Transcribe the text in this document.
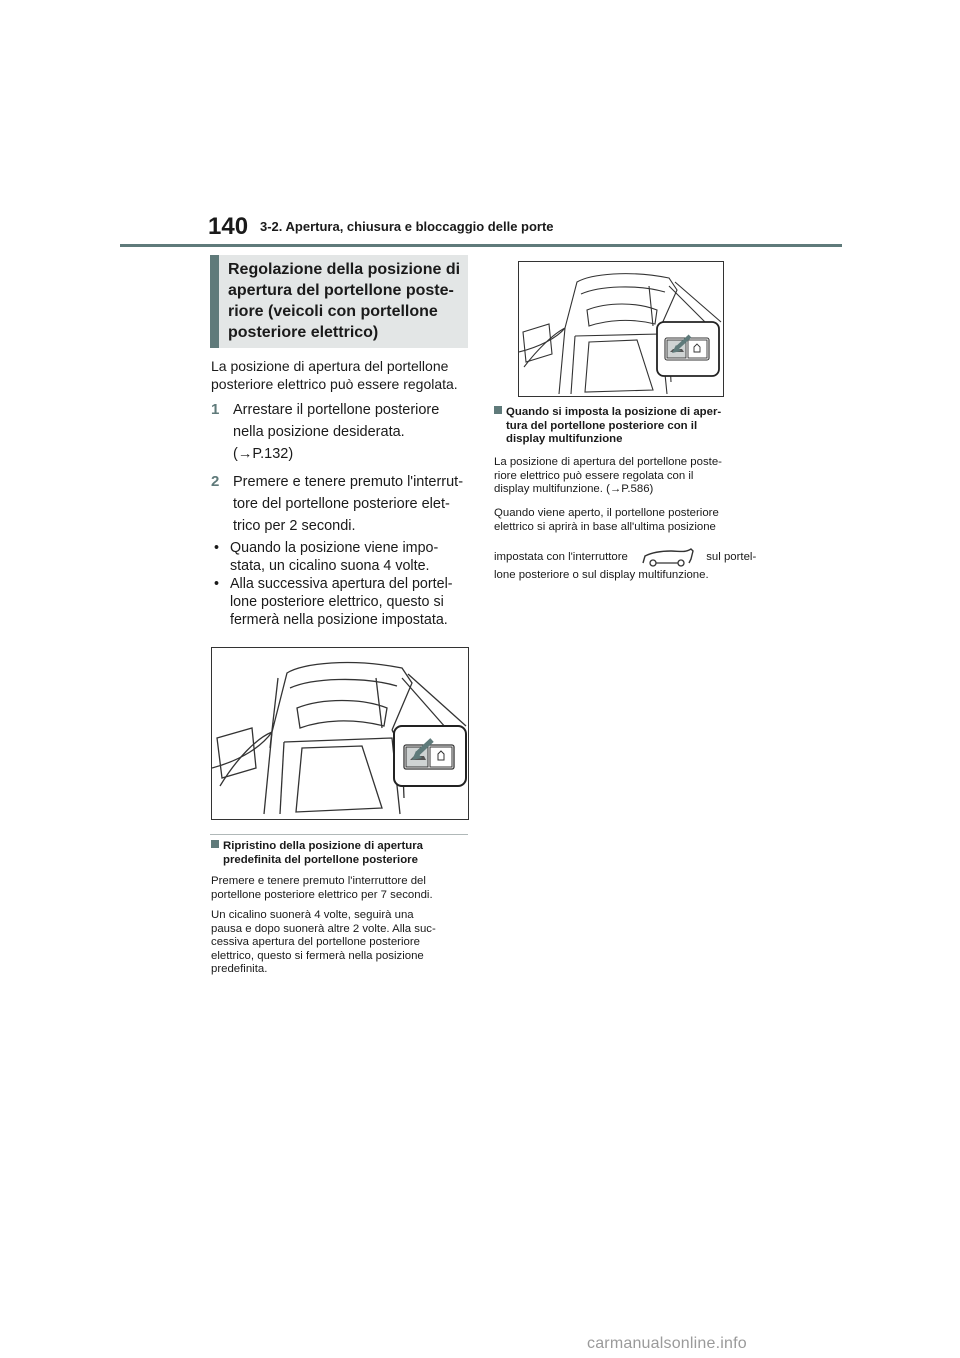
140 3-2. Apertura, chiusura e bloccaggio delle porte
Regolazione della posizione di
apertura del portellone poste-
riore (veicoli con portellone
posteriore elettrico)
La posizione di apertura del portellone
posteriore elettrico può essere regolata.
1 Arrestare il portellone posteriore
nella posizione desiderata.
(→P.132)
2 Premere e tenere premuto l'interrut-
tore del portellone posteriore elet-
trico per 2 secondi.
• Quando la posizione viene impo-
stata, un cicalino suona 4 volte.
• Alla successiva apertura del portel-
lone posteriore elettrico, questo si
fermerà nella posizione impostata.
Ripristino della posizione di apertura
predefinita del portellone posteriore
Premere e tenere premuto l'interruttore del
portellone posteriore elettrico per 7 secondi.
Un cicalino suonerà 4 volte, seguirà una
pausa e dopo suonerà altre 2 volte. Alla suc-
cessiva apertura del portellone posteriore
elettrico, questo si fermerà nella posizione
predefinita.
Quando si imposta la posizione di aper-
tura del portellone posteriore con il
display multifunzione
La posizione di apertura del portellone poste-
riore elettrico può essere regolata con il
display multifunzione. (→P.586)
Quando viene aperto, il portellone posteriore
elettrico si aprirà in base all'ultima posizione
impostata con l'interruttore	sul portel-
lone posteriore o sul display multifunzione.
carmanualsonline.info
